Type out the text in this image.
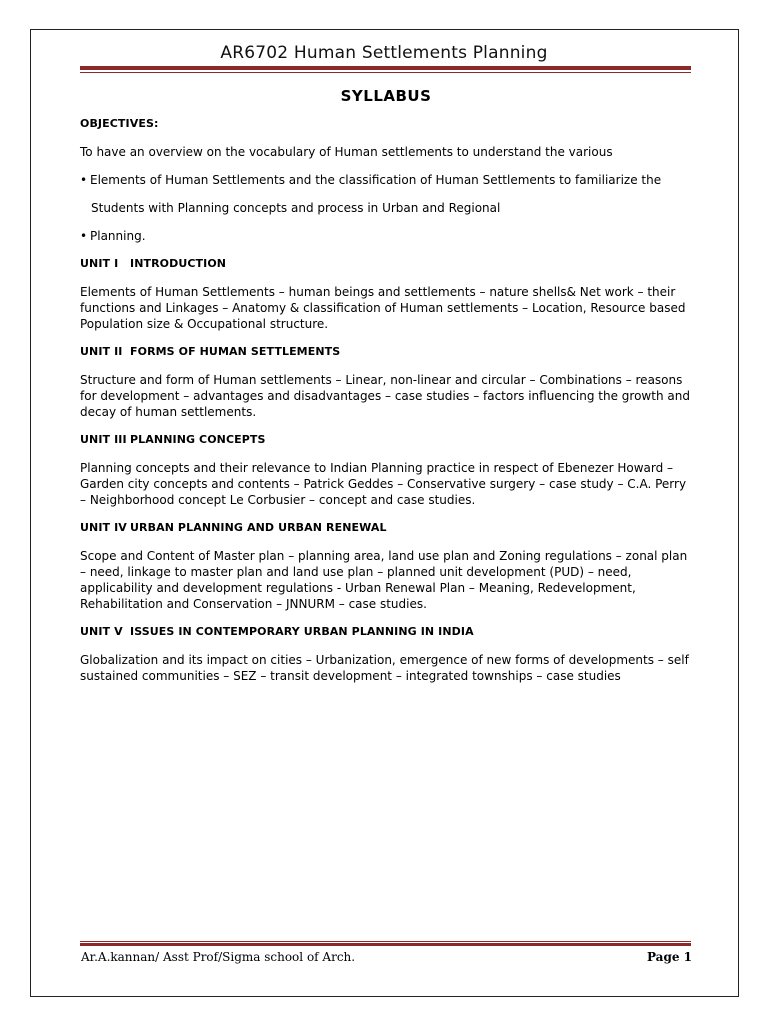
AR6702 Human Settlements Planning
SYLLABUS
OBJECTIVES:
To have an overview on the vocabulary of Human settlements to understand the various
• Elements of Human Settlements and the classification of Human Settlements to familiarize the
Students with Planning concepts and process in Urban and Regional
• Planning.
UNIT I INTRODUCTION
Elements of Human Settlements – human beings and settlements – nature shells& Net work – their functions and Linkages – Anatomy & classification of Human settlements – Location, Resource based Population size & Occupational structure.
UNIT II FORMS OF HUMAN SETTLEMENTS
Structure and form of Human settlements – Linear, non-linear and circular – Combinations – reasons for development – advantages and disadvantages – case studies – factors influencing the growth and decay of human settlements.
UNIT III PLANNING CONCEPTS
Planning concepts and their relevance to Indian Planning practice in respect of Ebenezer Howard – Garden city concepts and contents – Patrick Geddes – Conservative surgery – case study – C.A. Perry – Neighborhood concept Le Corbusier – concept and case studies.
UNIT IV URBAN PLANNING AND URBAN RENEWAL
Scope and Content of Master plan – planning area, land use plan and Zoning regulations – zonal plan – need, linkage to master plan and land use plan – planned unit development (PUD) – need, applicability and development regulations - Urban Renewal Plan – Meaning, Redevelopment, Rehabilitation and Conservation – JNNURM – case studies.
UNIT V ISSUES IN CONTEMPORARY URBAN PLANNING IN INDIA
Globalization and its impact on cities – Urbanization, emergence of new forms of developments – self sustained communities – SEZ – transit development – integrated townships – case studies
Ar.A.kannan/ Asst Prof/Sigma school of Arch.	Page 1
